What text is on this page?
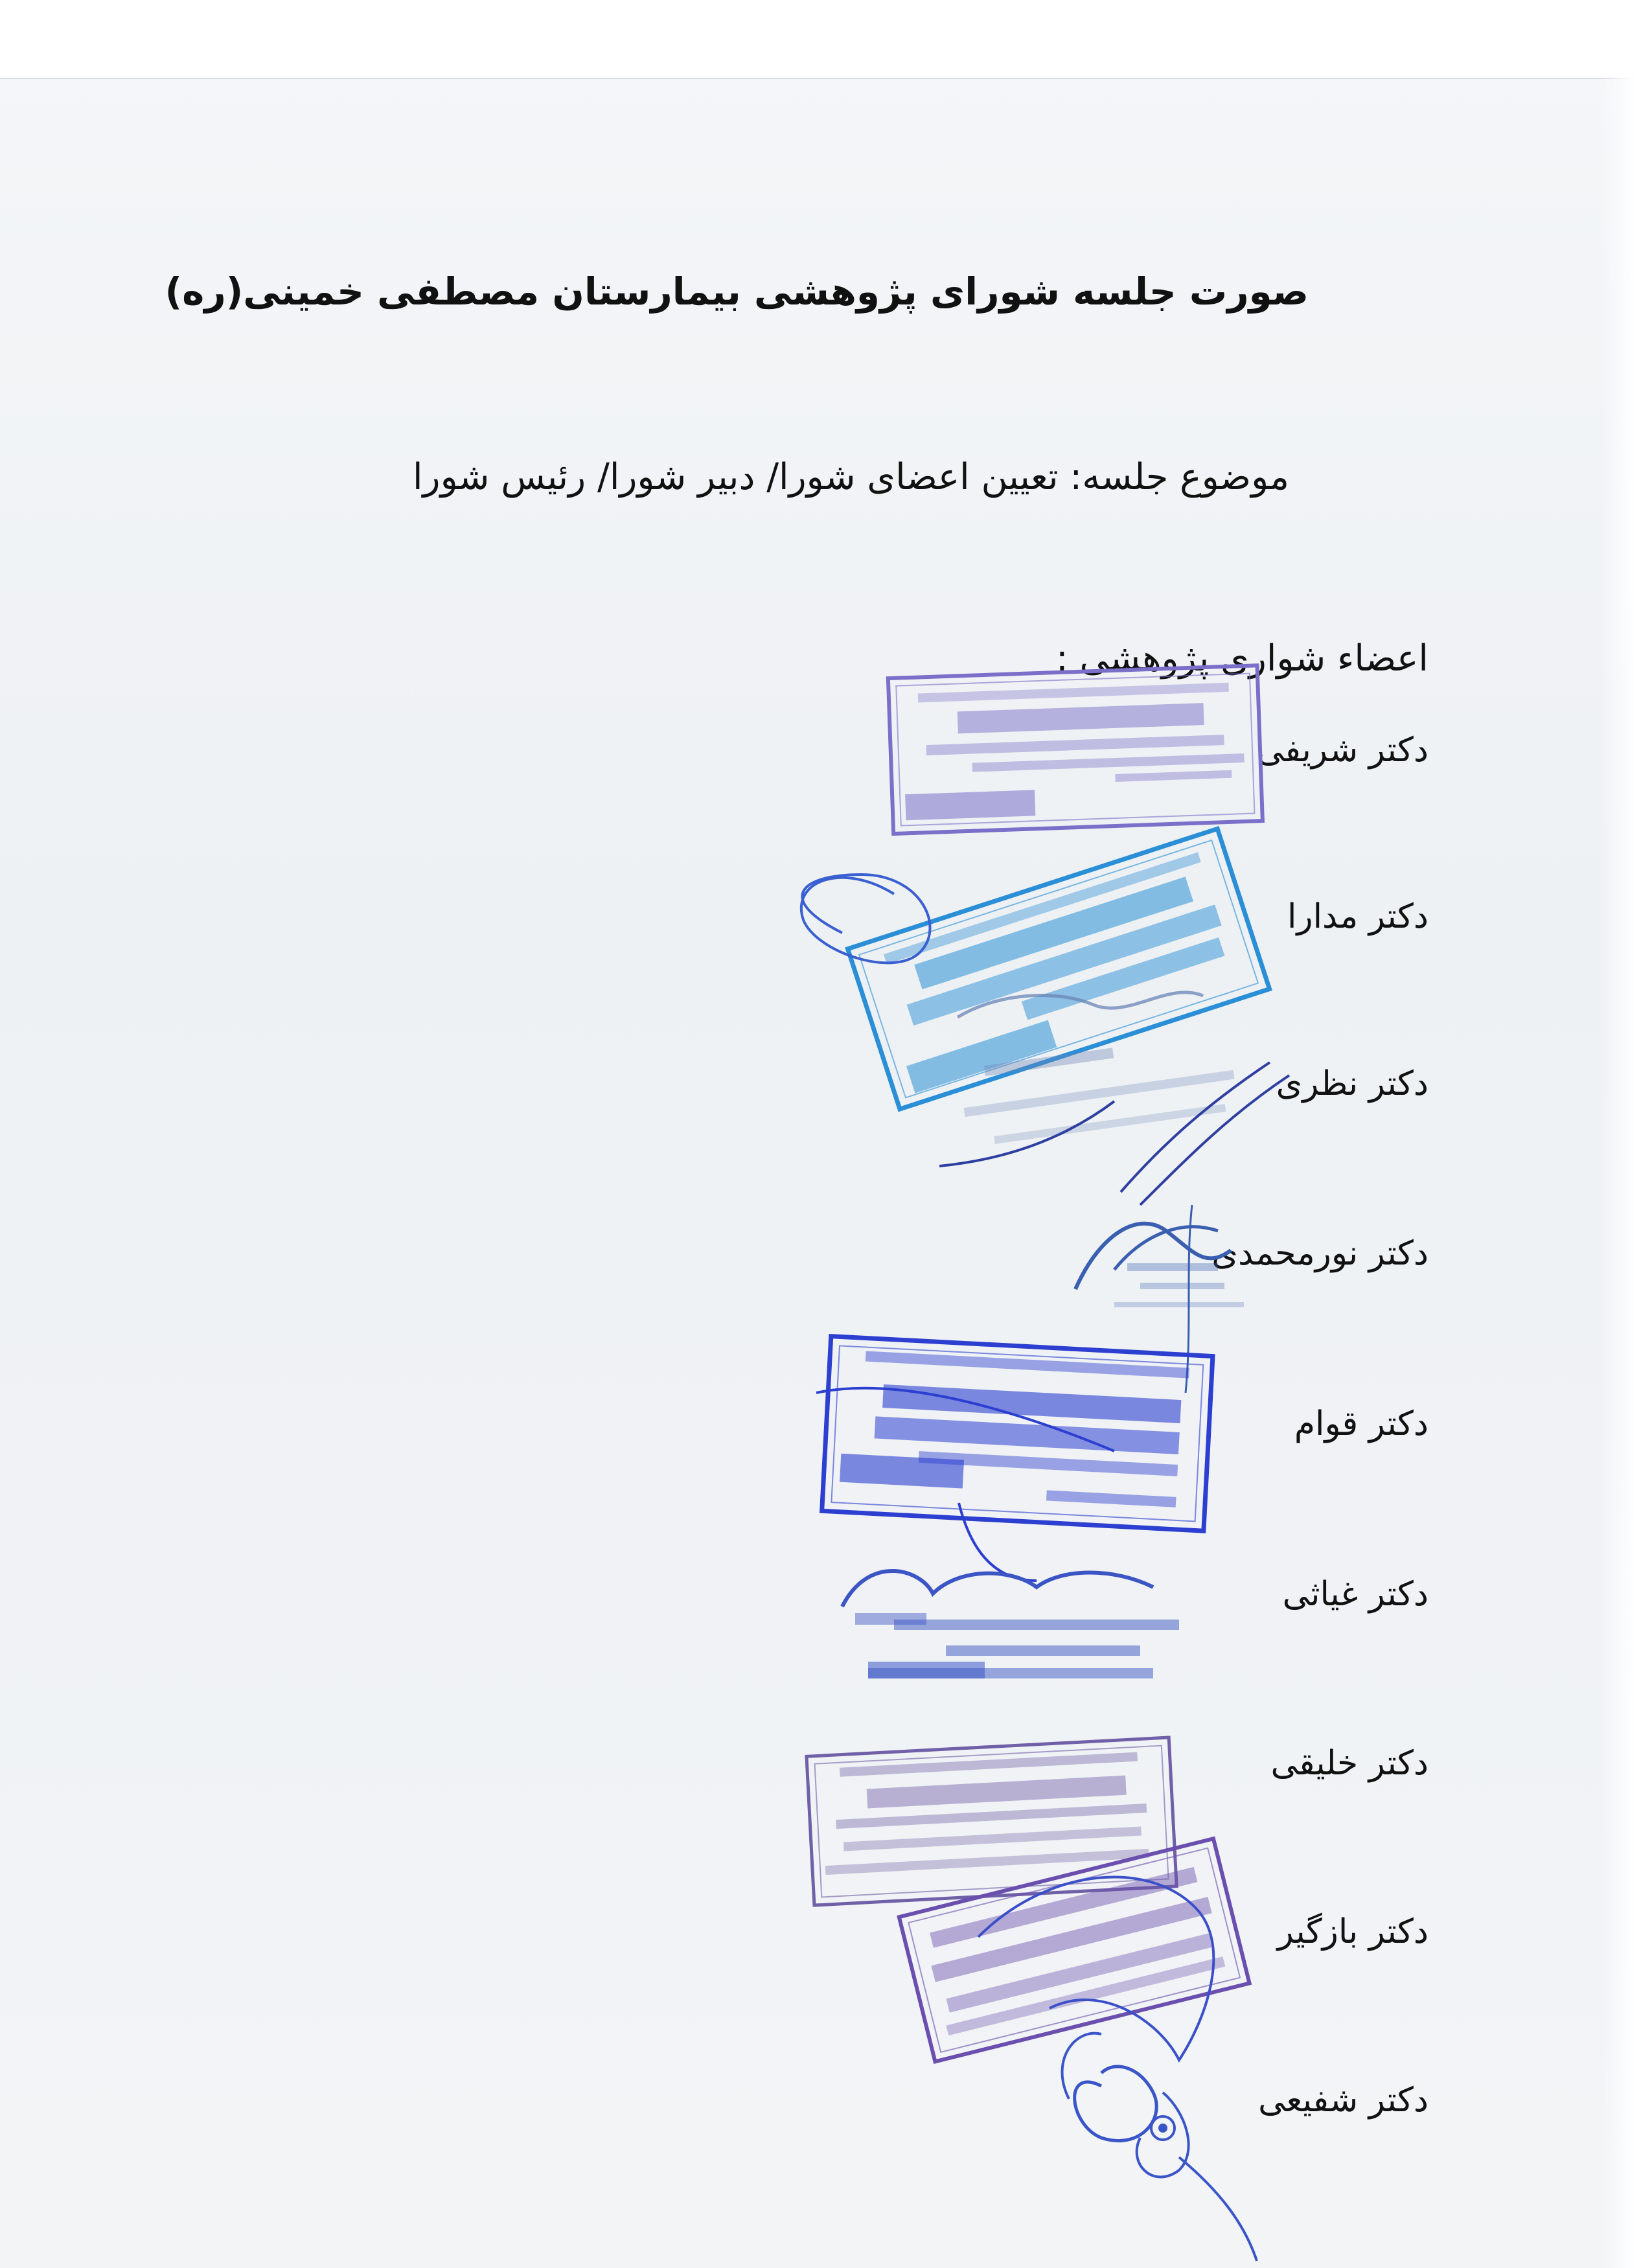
صورت جلسه شورای پژوهشی بیمارستان مصطفی خمینی(ره)
موضوع جلسه: تعیین اعضای شورا/ دبیر شورا/ رئیس شورا
اعضاء شوارى پژوهشى :
دکتر شریفی
دکتر مدارا
دکتر نظری
دکتر نورمحمدی
دکتر قوام
دکتر غیاثی
دکتر خلیقی
دکتر بازگیر
دکتر شفیعی
